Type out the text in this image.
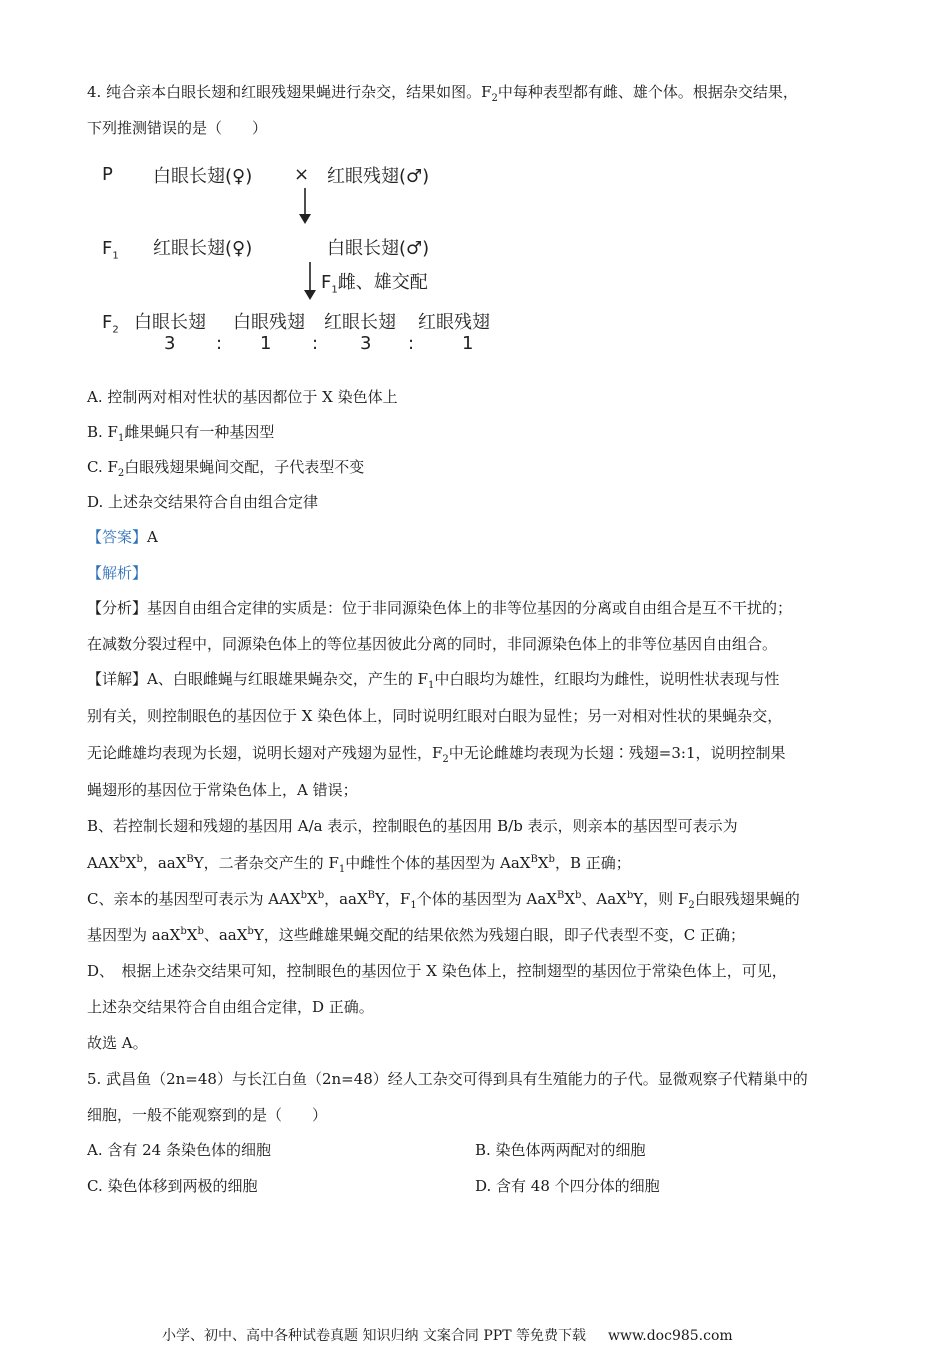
4. 纯合亲本白眼长翅和红眼残翅果蝇进行杂交，结果如图。$F_2$中每种表型都有雌、雄个体。根据杂交结果，
下列推测错误的是（　　）
P 白眼长翅(♀) × 红眼残翅(♂)
$F_1$ 红眼长翅(♀)	白眼长翅(♂)
$F_1$雌、雄交配
$F_2$ 白眼长翅 白眼残翅 红眼长翅 红眼残翅
3 : 1 : 3 :	1
A. 控制两对相对性状的基因都位于 X 染色体上
B. $F_1$雌果蝇只有一种基因型
C. $F_2$白眼残翅果蝇间交配，子代表型不变
D. 上述杂交结果符合自由组合定律
【答案】A
【解析】
【分析】基因自由组合定律的实质是：位于非同源染色体上的非等位基因的分离或自由组合是互不干扰的；
在减数分裂过程中，同源染色体上的等位基因彼此分离的同时，非同源染色体上的非等位基因自由组合。
【详解】A、白眼雌蝇与红眼雄果蝇杂交，产生的 $F_1$中白眼均为雄性，红眼均为雌性，说明性状表现与性
别有关，则控制眼色的基因位于 X 染色体上，同时说明红眼对白眼为显性；另一对相对性状的果蝇杂交，
无论雌雄均表现为长翅，说明长翅对产残翅为显性，$F_2$中无论雌雄均表现为长翅∶残翅=3:1，说明控制果
蝇翅形的基因位于常染色体上，A 错误；
B、若控制长翅和残翅的基因用 A/a 表示，控制眼色的基因用 B/b 表示，则亲本的基因型可表示为
$AAX^bX^b$，aaX$^B$Y，二者杂交产生的 $F_1$中雌性个体的基因型为 $AaX^BX^b$，B 正确；
C、亲本的基因型可表示为 $AAX^bX^b$，aaX$^B$Y，$F_1$个体的基因型为 $AaX^BX^b$、AaX$^b$Y，则 $F_2$白眼残翅果蝇的
基因型为 $aaX^bX^b$、aaX$^b$Y，这些雌雄果蝇交配的结果依然为残翅白眼，即子代表型不变，C 正确；
D、　根据上述杂交结果可知，控制眼色的基因位于 X 染色体上，控制翅型的基因位于常染色体上，可见，
上述杂交结果符合自由组合定律，D 正确。
故选 A。
5. 武昌鱼（2n=48）与长江白鱼（2n=48）经人工杂交可得到具有生殖能力的子代。显微观察子代精巢中的
细胞，一般不能观察到的是（　　）
A. 含有 24 条染色体的细胞	B. 染色体两两配对的细胞
C. 染色体移到两极的细胞	D. 含有 48 个四分体的细胞
小学、初中、高中各种试卷真题 知识归纳 文案合同 PPT 等免费下载 www.doc985.com
